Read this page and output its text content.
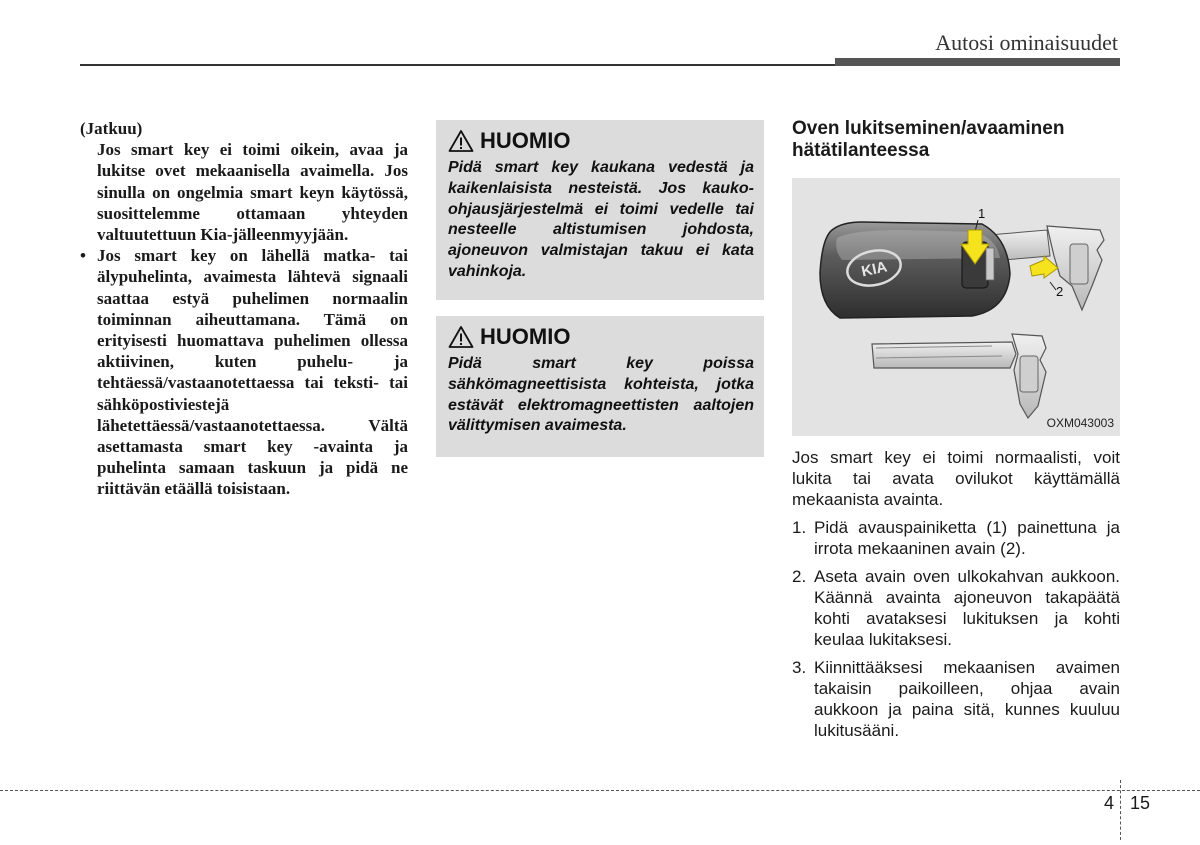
Autosi ominaisuudet
(Jatkuu)
Jos smart key ei toimi oikein, avaa ja lukitse ovet mekaanisella avaimella. Jos sinulla on ongelmia smart keyn käytössä, suosittelemme ottamaan yhteyden valtuutettuun Kia-jälleenmyyjään.
• Jos smart key on lähellä matka- tai älypuhelinta, avaimesta lähtevä signaali saattaa estyä puhelimen normaalin toiminnan aiheuttamana. Tämä on erityisesti huomattava puhelimen ollessa aktiivinen, kuten puhelu- ja tehtäessä/vastaanotettaessa tai teksti- tai sähköpostiviestejä lähetettäessä/vastaanotettaessa. Vältä asettamasta smart key -avainta ja puhelinta samaan taskuun ja pidä ne riittävän etäällä toisistaan.
HUOMIO
Pidä smart key kaukana vedestä ja kaikenlaisista nesteistä. Jos kauko-ohjausjärjestelmä ei toimi vedelle tai nesteelle altistumisen johdosta, ajoneuvon valmistajan takuu ei kata vahinkoja.
HUOMIO
Pidä smart key poissa sähkömagneettisista kohteista, jotka estävät elektromagneettisten aaltojen välittymisen avaimesta.
Oven lukitseminen/avaaminen hätätilanteessa
KIA
1
2
OXM043003

Jos smart key ei toimi normaalisti, voit lukita tai avata ovilukot käyttämällä mekaanista avainta.

1. Pidä avauspainiketta (1) painettuna ja irrota mekaaninen avain (2).
2. Aseta avain oven ulkokahvan aukkoon. Käännä avainta ajoneuvon takapäätä kohti avataksesi lukituksen ja kohti keulaa lukitaksesi.
3. Kiinnittääksesi mekaanisen avaimen takaisin paikoilleen, ohjaa avain aukkoon ja paina sitä, kunnes kuuluu lukitusääni.
4 15
